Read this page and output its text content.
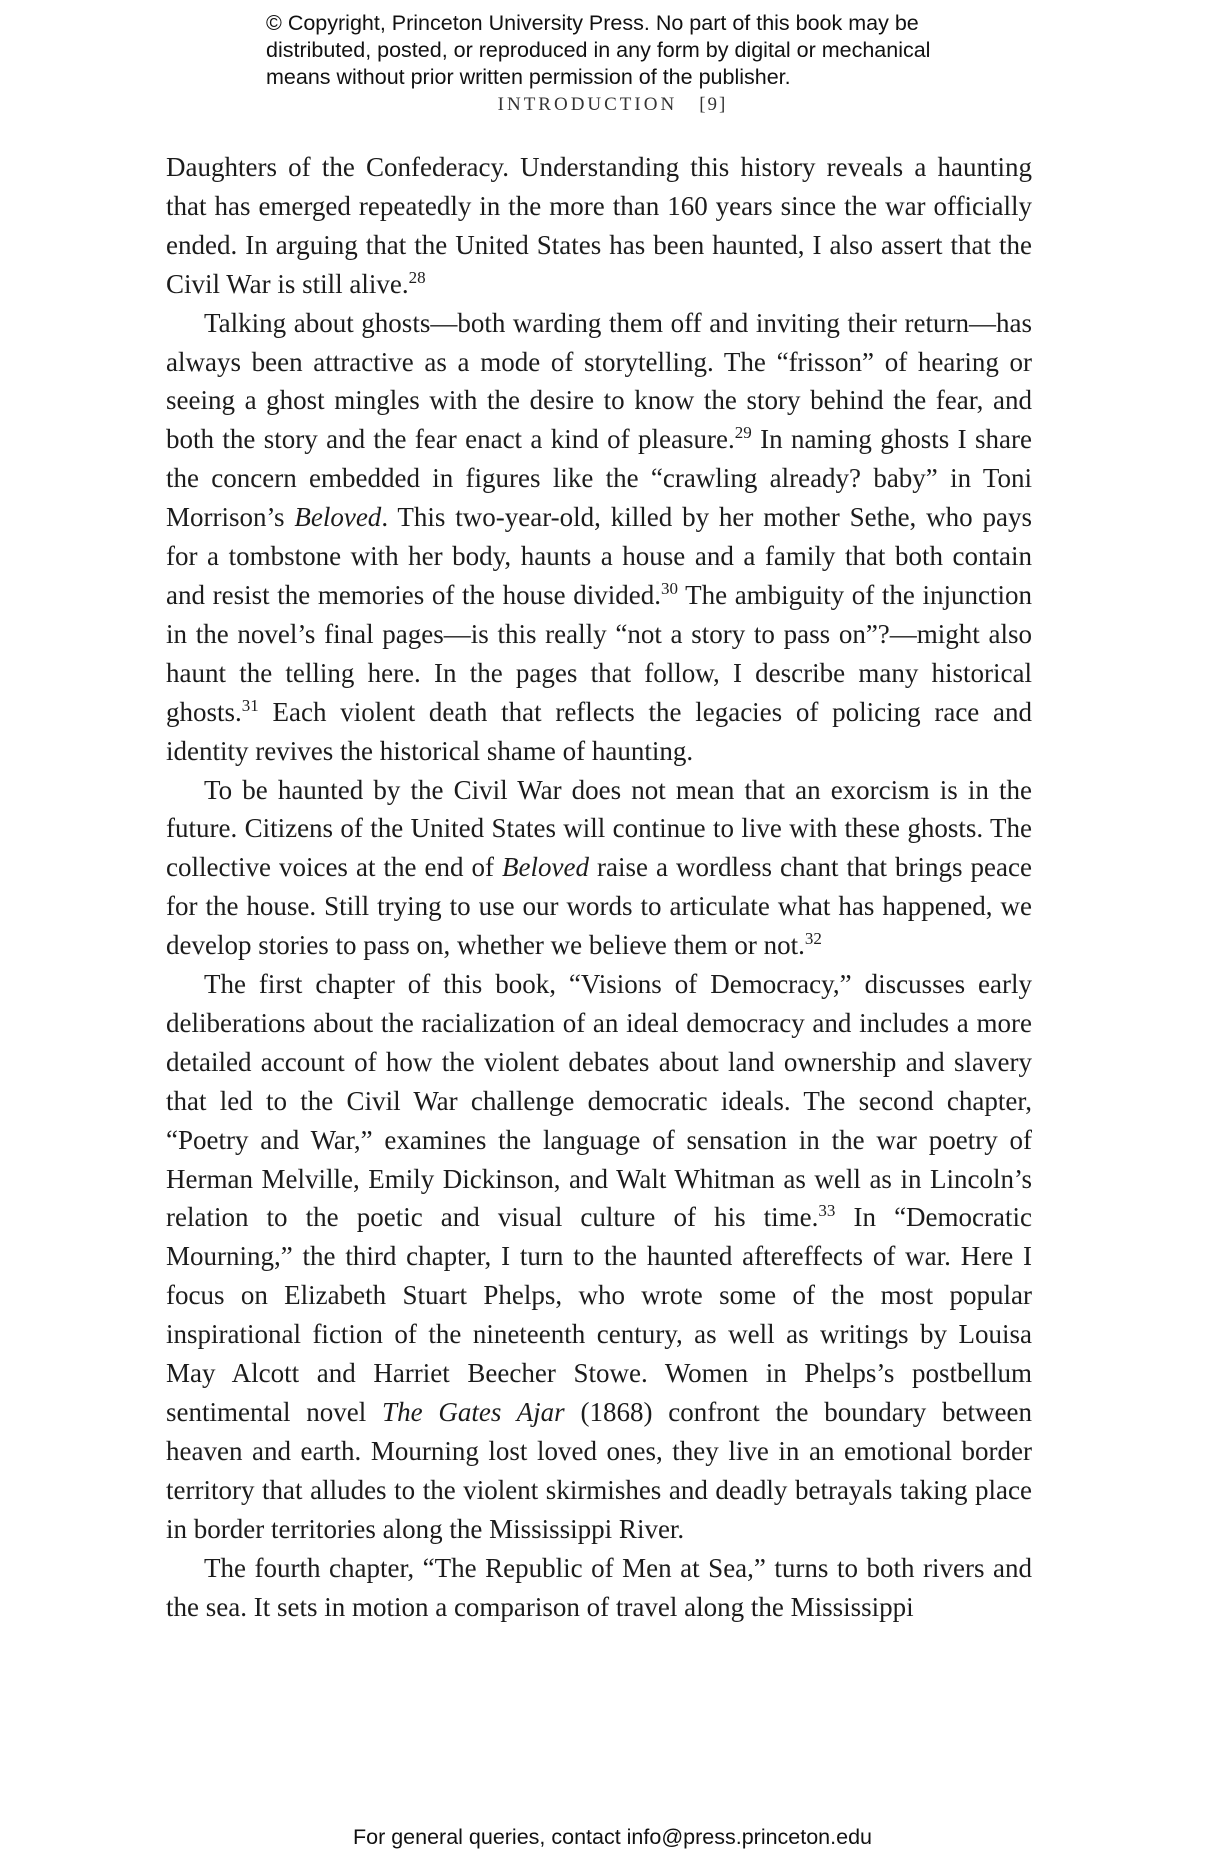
© Copyright, Princeton University Press. No part of this book may be
distributed, posted, or reproduced in any form by digital or mechanical
means without prior written permission of the publisher.
INTRODUCTION [9]

Daughters of the Confederacy. Understanding this history reveals a haunting that has emerged repeatedly in the more than 160 years since the war officially ended. In arguing that the United States has been haunted, I also assert that the Civil War is still alive.$^{28}$

Talking about ghosts—both warding them off and inviting their return—has always been attractive as a mode of storytelling. The “frisson” of hearing or seeing a ghost mingles with the desire to know the story behind the fear, and both the story and the fear enact a kind of pleasure.$^{29}$ In naming ghosts I share the concern embedded in figures like the “crawling already? baby” in Toni Morrison’s Beloved. This two-year-old, killed by her mother Sethe, who pays for a tombstone with her body, haunts a house and a family that both contain and resist the memories of the house divided.$^{30}$ The ambiguity of the injunction in the novel’s final pages—is this really “not a story to pass on”?—might also haunt the telling here. In the pages that follow, I describe many historical ghosts.$^{31}$ Each violent death that reflects the legacies of policing race and identity revives the historical shame of haunting.

To be haunted by the Civil War does not mean that an exorcism is in the future. Citizens of the United States will continue to live with these ghosts. The collective voices at the end of Beloved raise a wordless chant that brings peace for the house. Still trying to use our words to articulate what has happened, we develop stories to pass on, whether we believe them or not.$^{32}$

The first chapter of this book, “Visions of Democracy,” discusses early deliberations about the racialization of an ideal democracy and includes a more detailed account of how the violent debates about land ownership and slavery that led to the Civil War challenge democratic ideals. The second chapter, “Poetry and War,” examines the language of sensation in the war poetry of Herman Melville, Emily Dickinson, and Walt Whitman as well as in Lincoln’s relation to the poetic and visual culture of his time.$^{33}$ In “Democratic Mourning,” the third chapter, I turn to the haunted aftereffects of war. Here I focus on Elizabeth Stuart Phelps, who wrote some of the most popular inspirational fiction of the nineteenth century, as well as writings by Louisa May Alcott and Harriet Beecher Stowe. Women in Phelps’s postbellum sentimental novel The Gates Ajar (1868) confront the boundary between heaven and earth. Mourning lost loved ones, they live in an emotional border territory that alludes to the violent skirmishes and deadly betrayals taking place in border territories along the Mississippi River.

The fourth chapter, “The Republic of Men at Sea,” turns to both rivers and the sea. It sets in motion a comparison of travel along the Mississippi

For general queries, contact info@press.princeton.edu
